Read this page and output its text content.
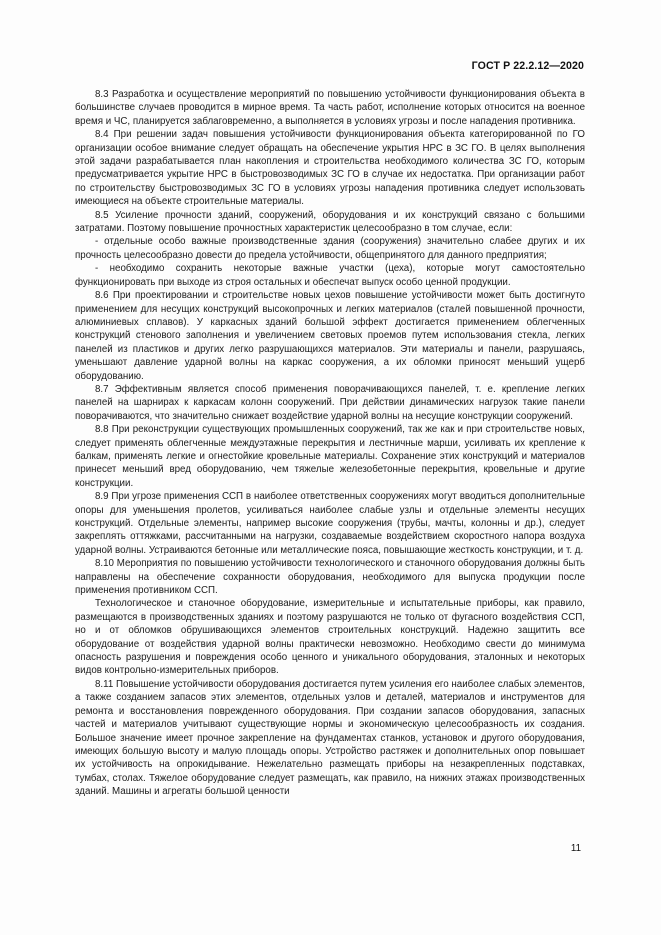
ГОСТ Р 22.2.12—2020

8.3 Разработка и осуществление мероприятий по повышению устойчивости функционирования объекта в большинстве случаев проводится в мирное время. Та часть работ, исполнение которых относится на военное время и ЧС, планируется заблаговременно, а выполняется в условиях угрозы и после нападения противника.

8.4 При решении задач повышения устойчивости функционирования объекта категорированной по ГО организации особое внимание следует обращать на обеспечение укрытия НРС в ЗС ГО. В целях выполнения этой задачи разрабатывается план накопления и строительства необходимого количества ЗС ГО, которым предусматривается укрытие НРС в быстровозводимых ЗС ГО в случае их недостатка. При организации работ по строительству быстровозводимых ЗС ГО в условиях угрозы нападения противника следует использовать имеющиеся на объекте строительные материалы.

8.5 Усиление прочности зданий, сооружений, оборудования и их конструкций связано с большими затратами. Поэтому повышение прочностных характеристик целесообразно в том случае, если:

- отдельные особо важные производственные здания (сооружения) значительно слабее других и их прочность целесообразно довести до предела устойчивости, общепринятого для данного предприятия;

- необходимо сохранить некоторые важные участки (цеха), которые могут самостоятельно функционировать при выходе из строя остальных и обеспечат выпуск особо ценной продукции.

8.6 При проектировании и строительстве новых цехов повышение устойчивости может быть достигнуто применением для несущих конструкций высокопрочных и легких материалов (сталей повышенной прочности, алюминиевых сплавов). У каркасных зданий большой эффект достигается применением облегченных конструкций стенового заполнения и увеличением световых проемов путем использования стекла, легких панелей из пластиков и других легко разрушающихся материалов. Эти материалы и панели, разрушаясь, уменьшают давление ударной волны на каркас сооружения, а их обломки приносят меньший ущерб оборудованию.

8.7 Эффективным является способ применения поворачивающихся панелей, т. е. крепление легких панелей на шарнирах к каркасам колонн сооружений. При действии динамических нагрузок такие панели поворачиваются, что значительно снижает воздействие ударной волны на несущие конструкции сооружений.

8.8 При реконструкции существующих промышленных сооружений, так же как и при строительстве новых, следует применять облегченные междуэтажные перекрытия и лестничные марши, усиливать их крепление к балкам, применять легкие и огнестойкие кровельные материалы. Сохранение этих конструкций и материалов принесет меньший вред оборудованию, чем тяжелые железобетонные перекрытия, кровельные и другие конструкции.

8.9 При угрозе применения ССП в наиболее ответственных сооружениях могут вводиться дополнительные опоры для уменьшения пролетов, усиливаться наиболее слабые узлы и отдельные элементы несущих конструкций. Отдельные элементы, например высокие сооружения (трубы, мачты, колонны и др.), следует закреплять оттяжками, рассчитанными на нагрузки, создаваемые воздействием скоростного напора воздуха ударной волны. Устраиваются бетонные или металлические пояса, повышающие жесткость конструкции, и т. д.

8.10 Мероприятия по повышению устойчивости технологического и станочного оборудования должны быть направлены на обеспечение сохранности оборудования, необходимого для выпуска продукции после применения противником ССП.

Технологическое и станочное оборудование, измерительные и испытательные приборы, как правило, размещаются в производственных зданиях и поэтому разрушаются не только от фугасного воздействия ССП, но и от обломков обрушивающихся элементов строительных конструкций. Надежно защитить все оборудование от воздействия ударной волны практически невозможно. Необходимо свести до минимума опасность разрушения и повреждения особо ценного и уникального оборудования, эталонных и некоторых видов контрольно-измерительных приборов.

8.11 Повышение устойчивости оборудования достигается путем усиления его наиболее слабых элементов, а также созданием запасов этих элементов, отдельных узлов и деталей, материалов и инструментов для ремонта и восстановления поврежденного оборудования. При создании запасов оборудования, запасных частей и материалов учитывают существующие нормы и экономическую целесообразность их создания. Большое значение имеет прочное закрепление на фундаментах станков, установок и другого оборудования, имеющих большую высоту и малую площадь опоры. Устройство растяжек и дополнительных опор повышает их устойчивость на опрокидывание. Нежелательно размещать приборы на незакрепленных подставках, тумбах, столах. Тяжелое оборудование следует размещать, как правило, на нижних этажах производственных зданий. Машины и агрегаты большой ценности

11
